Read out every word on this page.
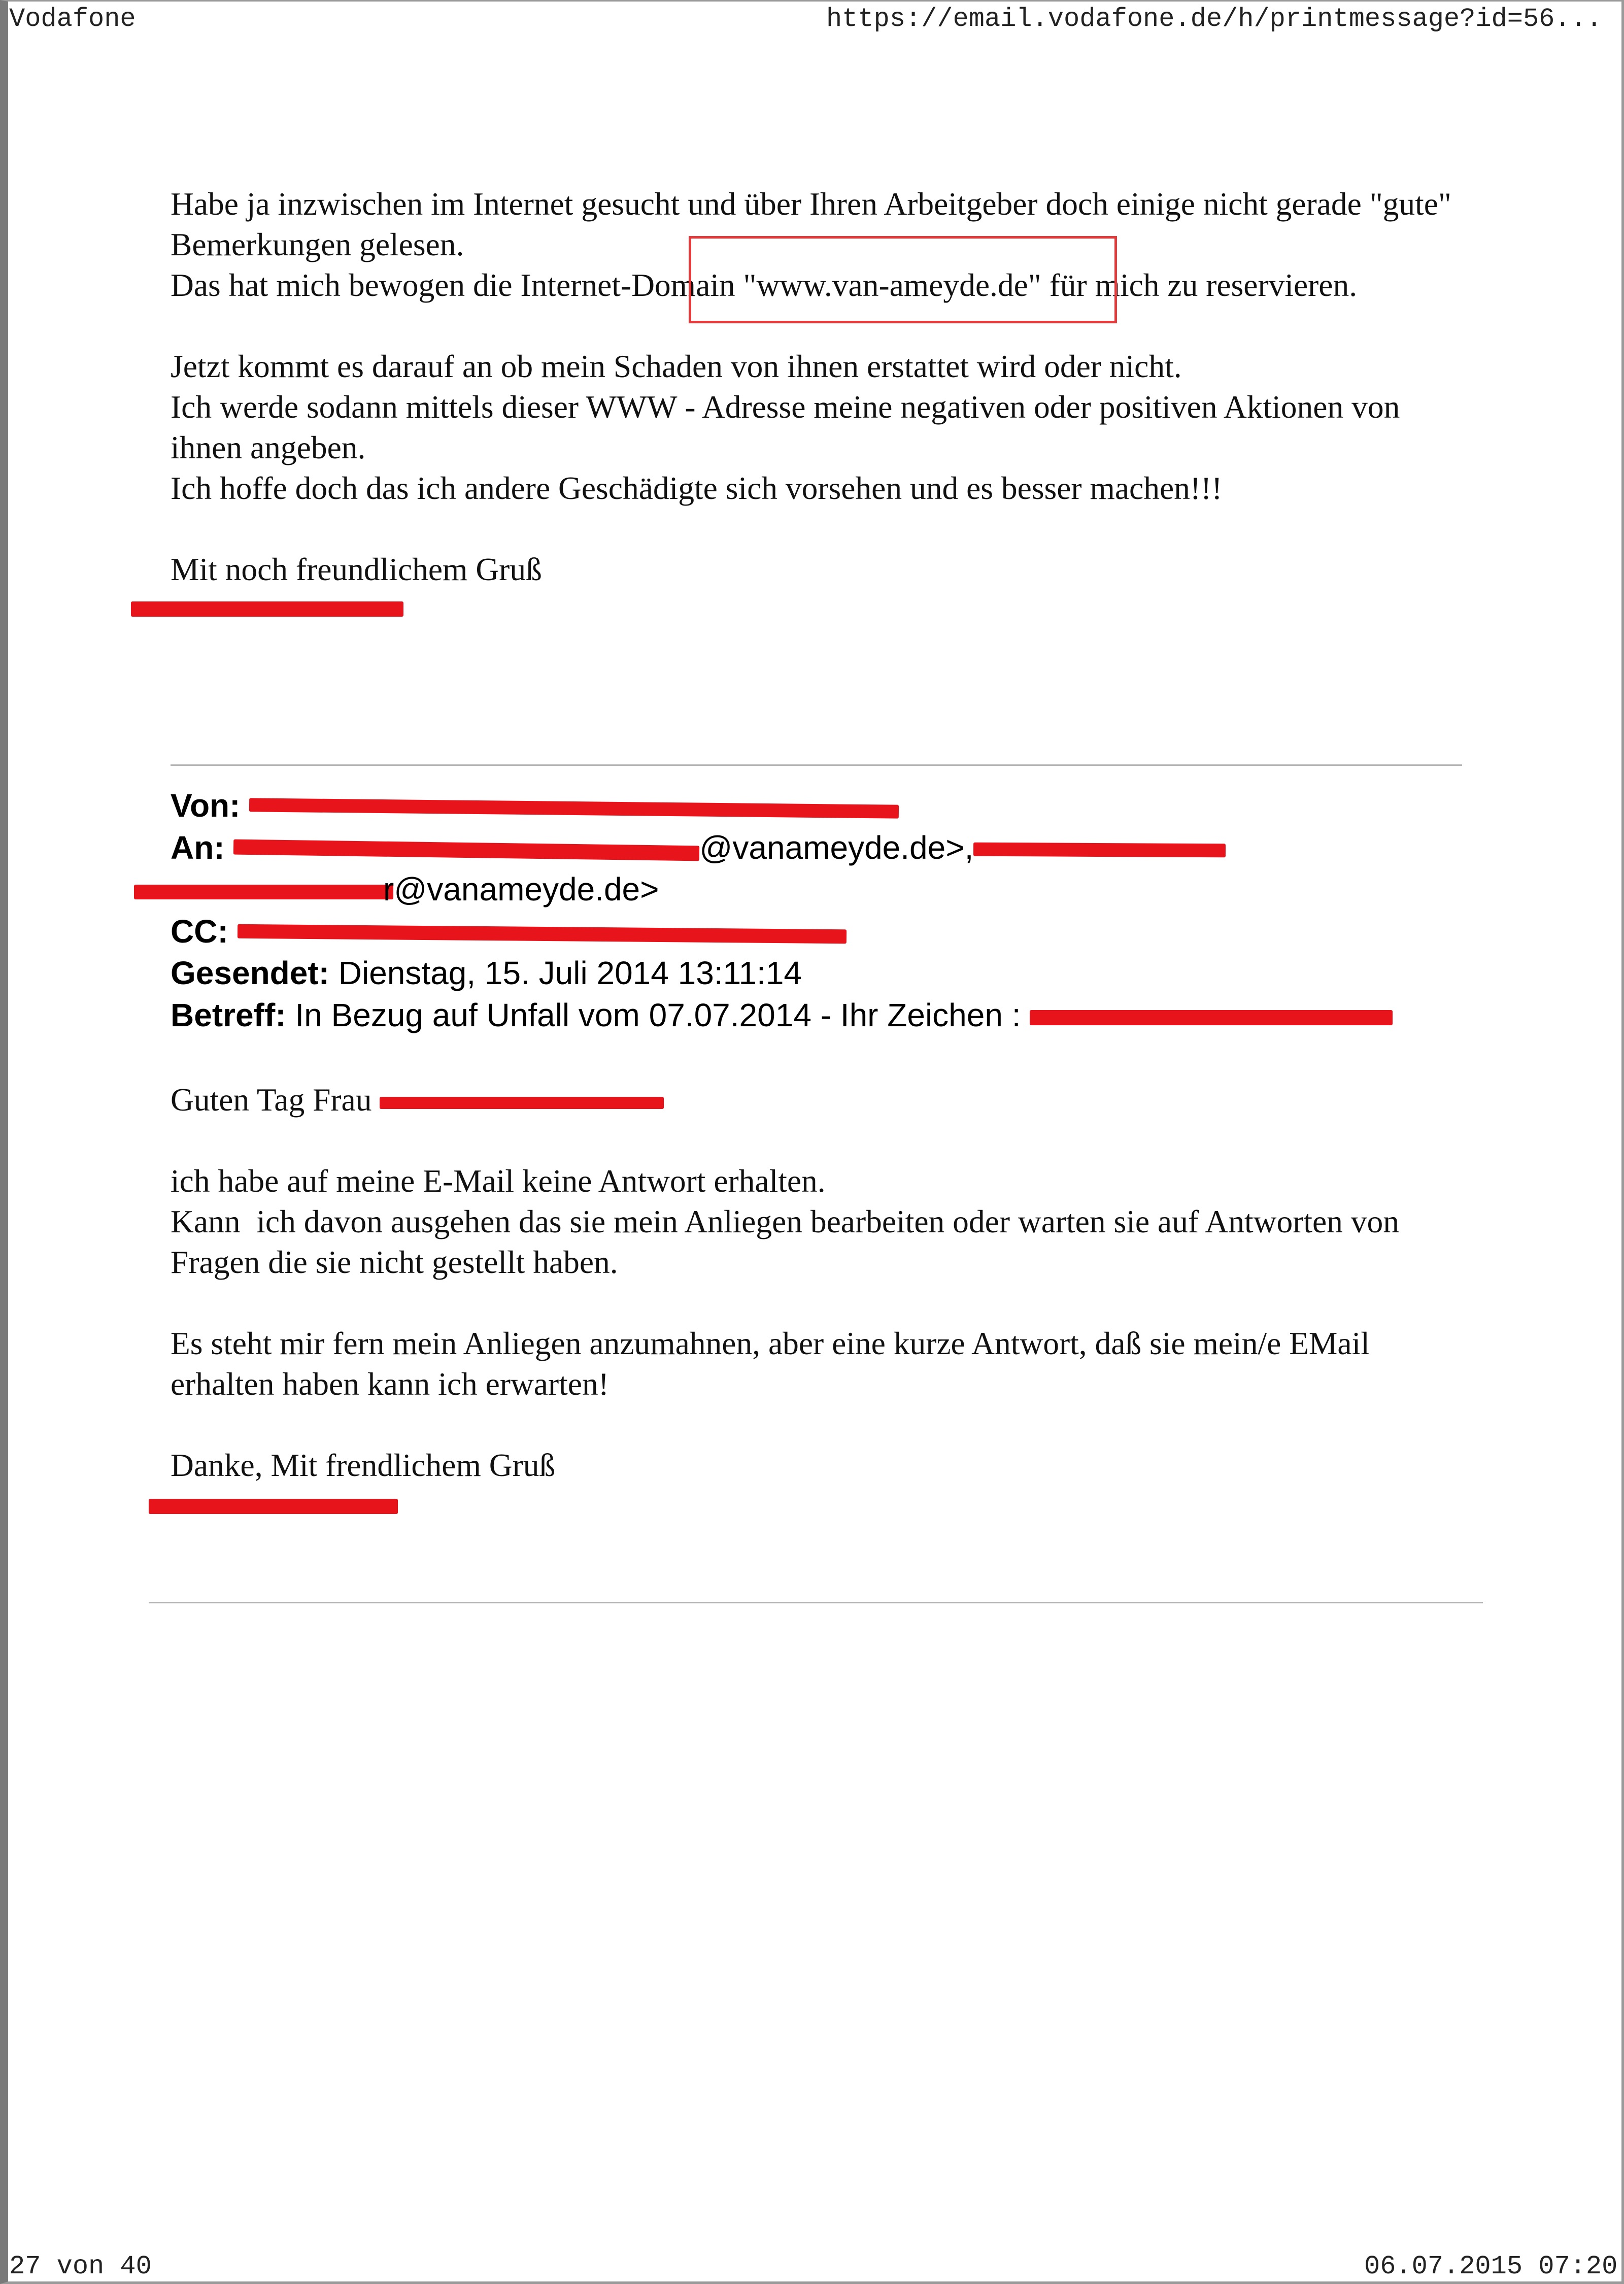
Vodafone	https://email.vodafone.de/h/printmessage?id=56...
Habe ja inzwischen im Internet gesucht und über Ihren Arbeitgeber doch einige nicht gerade "gute"
Bemerkungen gelesen.
Das hat mich bewogen die Internet-Domain "www.van-ameyde.de" für mich zu reservieren.
Jetzt kommt es darauf an ob mein Schaden von ihnen erstattet wird oder nicht.
Ich werde sodann mittels dieser WWW - Adresse meine negativen oder positiven Aktionen von
ihnen angeben.
Ich hoffe doch das ich andere Geschädigte sich vorsehen und es besser machen!!!
Mit noch freundlichem Gruß
Von:
An:	@vanameyde.de>,
r@vanameyde.de>
CC:
Gesendet: Dienstag, 15. Juli 2014 13:11:14
Betreff: In Bezug auf Unfall vom 07.07.2014 - Ihr Zeichen :
Guten Tag Frau
ich habe auf meine E-Mail keine Antwort erhalten.
Kann  ich davon ausgehen das sie mein Anliegen bearbeiten oder warten sie auf Antworten von
Fragen die sie nicht gestellt haben.
Es steht mir fern mein Anliegen anzumahnen, aber eine kurze Antwort, daß sie mein/e EMail
erhalten haben kann ich erwarten!
Danke, Mit frendlichem Gruß
27 von 40	06.07.2015 07:20
